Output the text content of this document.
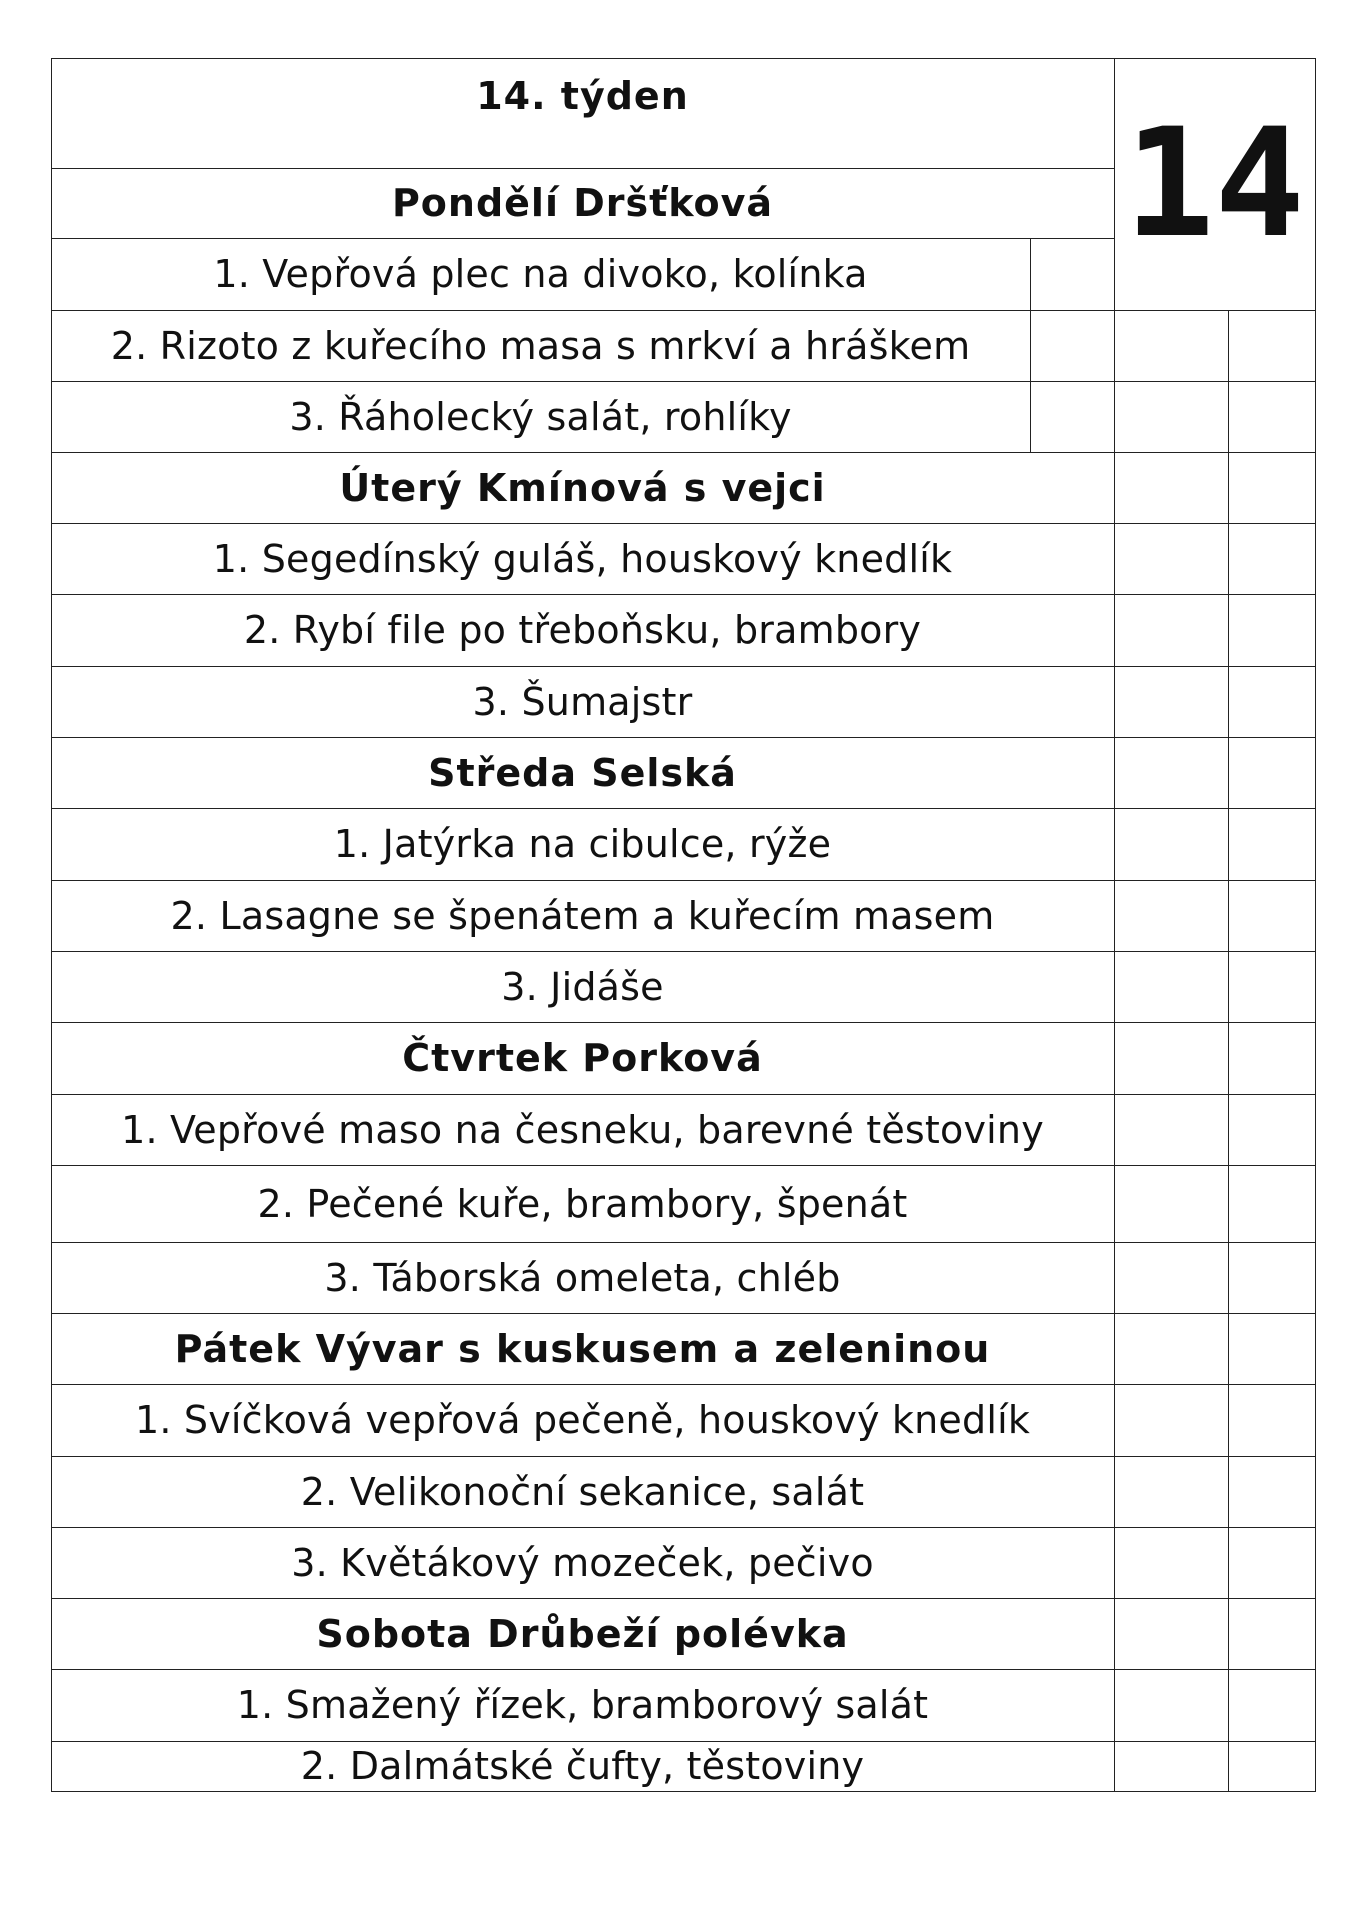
14. týden
14
Pondělí Dršťková
1. Vepřová plec na divoko, kolínka
2. Rizoto z kuřecího masa s mrkví a hráškem
3. Řáholecký salát, rohlíky
Úterý Kmínová s vejci
1. Segedínský guláš, houskový knedlík
2. Rybí file po třeboňsku, brambory
3. Šumajstr
Středa Selská
1. Jatýrka na cibulce, rýže
2. Lasagne se špenátem a kuřecím masem
3. Jidáše
Čtvrtek Porková
1. Vepřové maso na česneku, barevné těstoviny
2. Pečené kuře, brambory, špenát
3. Táborská omeleta, chléb
Pátek Vývar s kuskusem a zeleninou
1. Svíčková vepřová pečeně, houskový knedlík
2. Velikonoční sekanice, salát
3. Květákový mozeček, pečivo
Sobota Drůbeží polévka
1. Smažený řízek, bramborový salát
2. Dalmátské čufty, těstoviny
